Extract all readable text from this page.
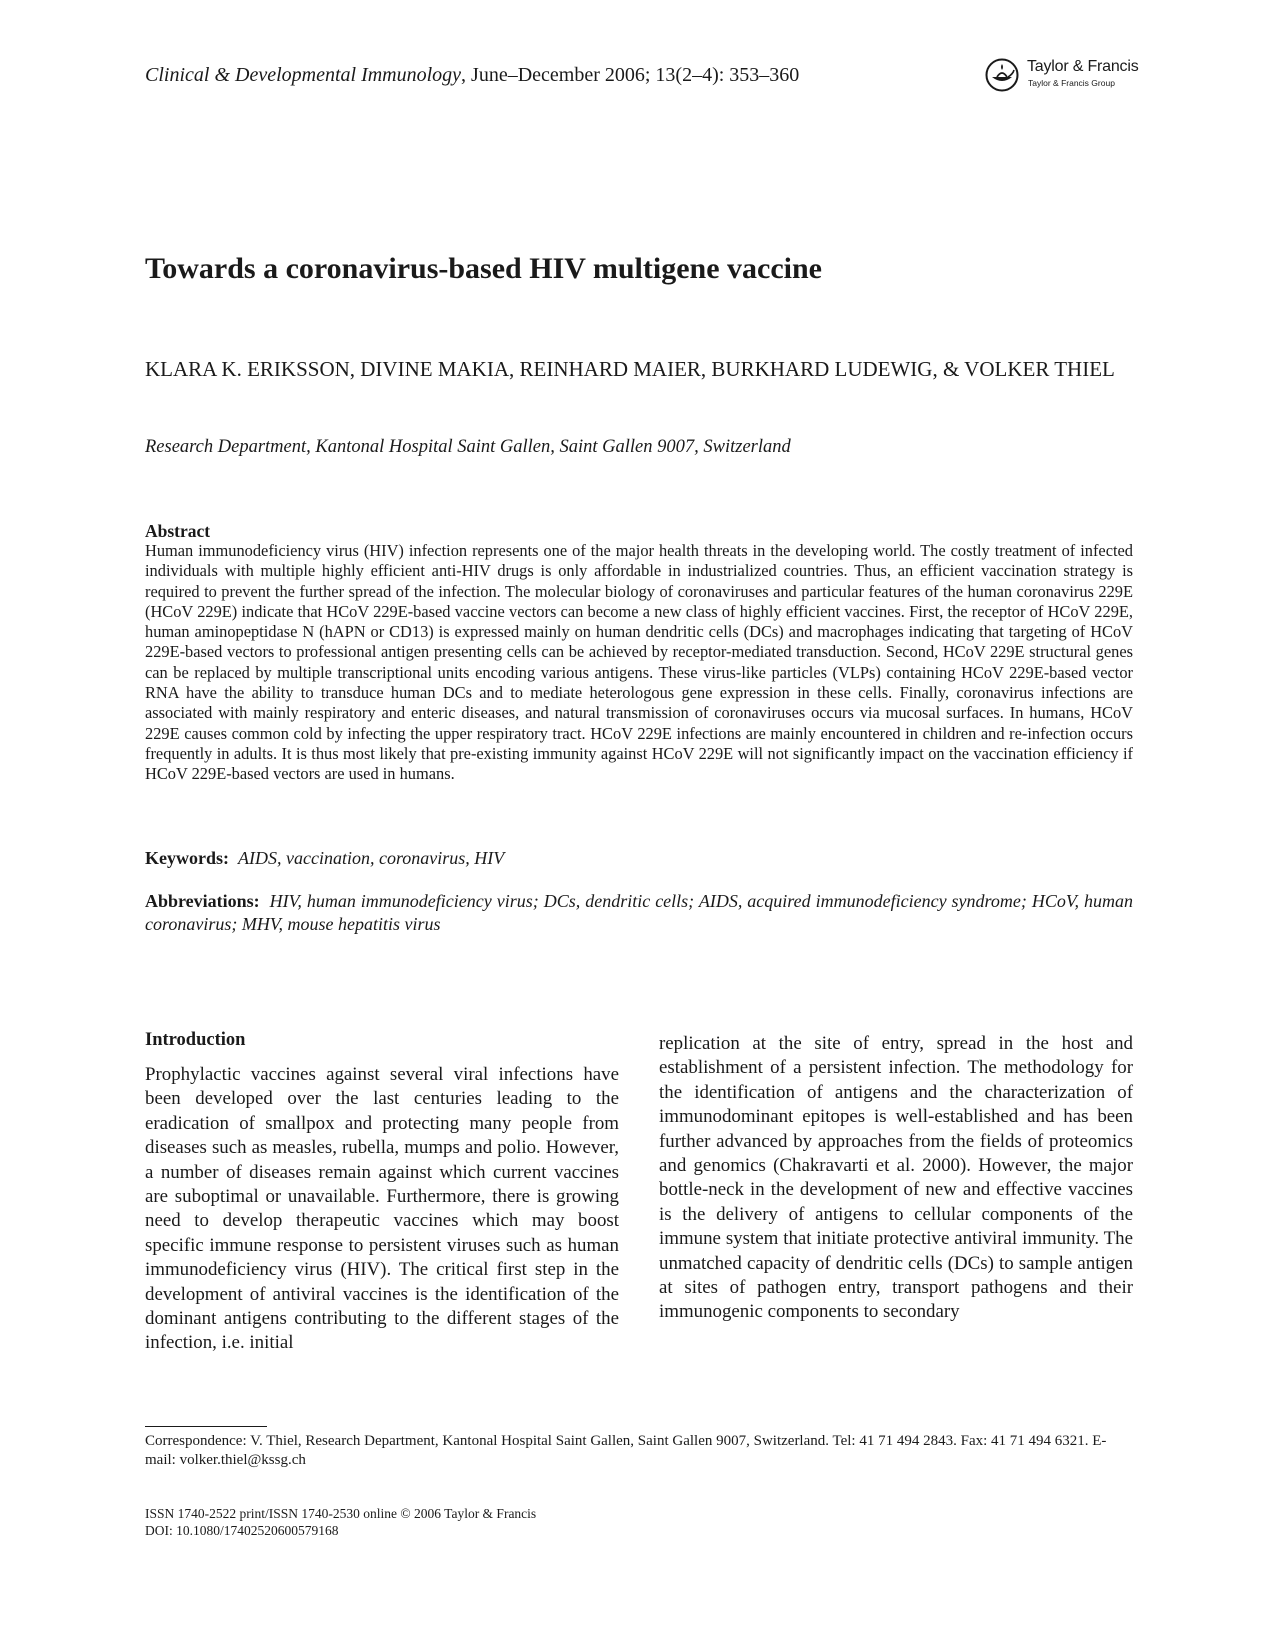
Clinical & Developmental Immunology, June–December 2006; 13(2–4): 353–360	Taylor & Francis
Taylor & Francis Group
Towards a coronavirus-based HIV multigene vaccine
KLARA K. ERIKSSON, DIVINE MAKIA, REINHARD MAIER, BURKHARD LUDEWIG, & VOLKER THIEL
Research Department, Kantonal Hospital Saint Gallen, Saint Gallen 9007, Switzerland
Abstract
Human immunodeficiency virus (HIV) infection represents one of the major health threats in the developing world. The costly treatment of infected individuals with multiple highly efficient anti-HIV drugs is only affordable in industrialized countries. Thus, an efficient vaccination strategy is required to prevent the further spread of the infection. The molecular biology of coronaviruses and particular features of the human coronavirus 229E (HCoV 229E) indicate that HCoV 229E-based vaccine vectors can become a new class of highly efficient vaccines. First, the receptor of HCoV 229E, human aminopeptidase N (hAPN or CD13) is expressed mainly on human dendritic cells (DCs) and macrophages indicating that targeting of HCoV 229E-based vectors to professional antigen presenting cells can be achieved by receptor-mediated transduction. Second, HCoV 229E structural genes can be replaced by multiple transcriptional units encoding various antigens. These virus-like particles (VLPs) containing HCoV 229E-based vector RNA have the ability to transduce human DCs and to mediate heterologous gene expression in these cells. Finally, coronavirus infections are associated with mainly respiratory and enteric diseases, and natural transmission of coronaviruses occurs via mucosal surfaces. In humans, HCoV 229E causes common cold by infecting the upper respiratory tract. HCoV 229E infections are mainly encountered in children and re-infection occurs frequently in adults. It is thus most likely that pre-existing immunity against HCoV 229E will not significantly impact on the vaccination efficiency if HCoV 229E-based vectors are used in humans.
Keywords: AIDS, vaccination, coronavirus, HIV
Abbreviations: HIV, human immunodeficiency virus; DCs, dendritic cells; AIDS, acquired immunodeficiency syndrome; HCoV, human coronavirus; MHV, mouse hepatitis virus
Introduction

Prophylactic vaccines against several viral infections have been developed over the last centuries leading to the eradication of smallpox and protecting many people from diseases such as measles, rubella, mumps and polio. However, a number of diseases remain against which current vaccines are suboptimal or unavailable. Furthermore, there is growing need to develop therapeutic vaccines which may boost specific immune response to persistent viruses such as human immunodeficiency virus (HIV). The critical first step in the development of antiviral vaccines is the identification of the dominant antigens contributing to the different stages of the infection, i.e. initial

replication at the site of entry, spread in the host and establishment of a persistent infection. The methodology for the identification of antigens and the characterization of immunodominant epitopes is well-established and has been further advanced by approaches from the fields of proteomics and genomics (Chakravarti et al. 2000). However, the major bottle-neck in the development of new and effective vaccines is the delivery of antigens to cellular components of the immune system that initiate protective antiviral immunity. The unmatched capacity of dendritic cells (DCs) to sample antigen at sites of pathogen entry, transport pathogens and their immunogenic components to secondary

Correspondence: V. Thiel, Research Department, Kantonal Hospital Saint Gallen, Saint Gallen 9007, Switzerland. Tel: 41 71 494 2843. Fax: 41 71 494 6321. E-mail: volker.thiel@kssg.ch
ISSN 1740-2522 print/ISSN 1740-2530 online © 2006 Taylor & Francis
DOI: 10.1080/17402520600579168
